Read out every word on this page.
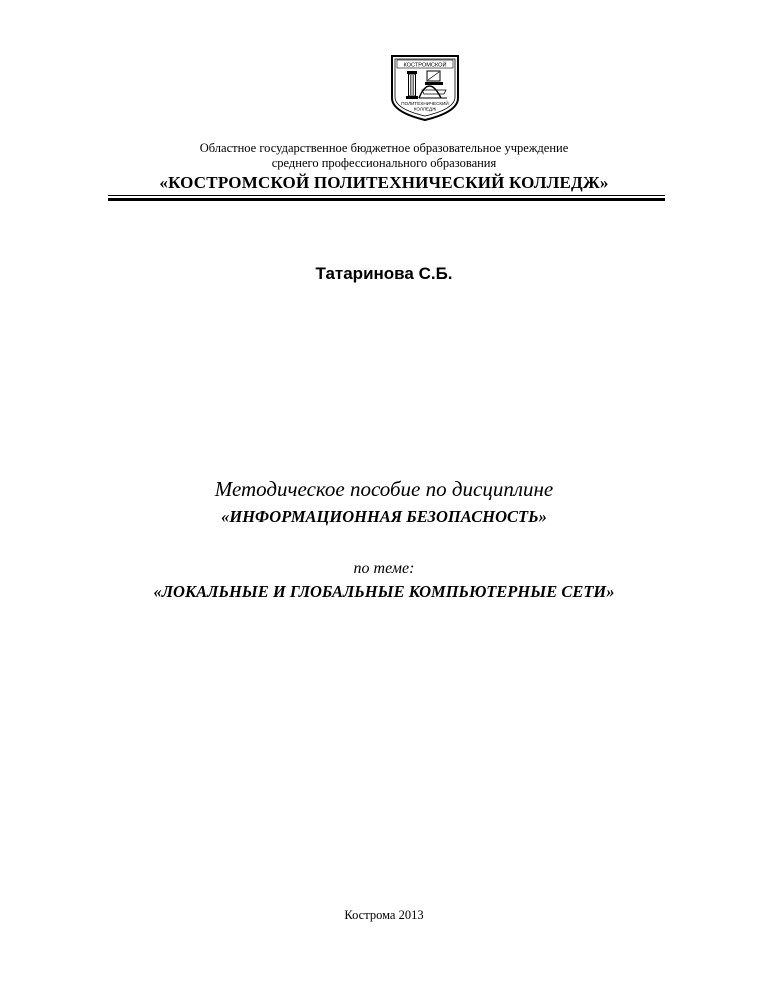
КОСТРОМСКОЙ
ПОЛИТЕХНИЧЕСКИЙ
КОЛЛЕДЖ
Областное государственное бюджетное образовательное учреждение
среднего профессионального образования
«КОСТРОМСКОЙ ПОЛИТЕХНИЧЕСКИЙ КОЛЛЕДЖ»
Татаринова С.Б.
Методическое пособие по дисциплине
«ИНФОРМАЦИОННАЯ БЕЗОПАСНОСТЬ»
по теме:
«ЛОКАЛЬНЫЕ И ГЛОБАЛЬНЫЕ КОМПЬЮТЕРНЫЕ СЕТИ»
Кострома 2013
